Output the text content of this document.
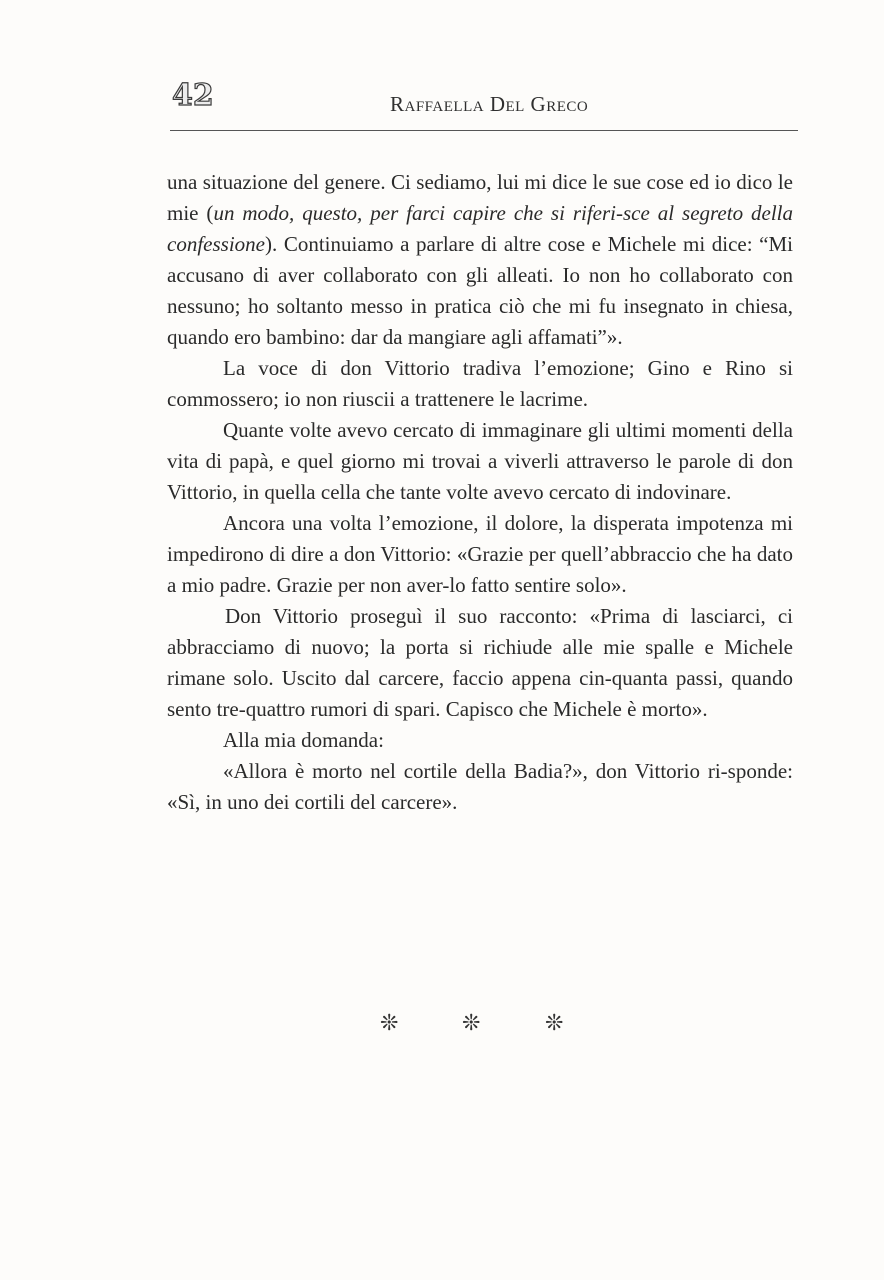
42	Raffaella Del Greco

una situazione del genere. Ci sediamo, lui mi dice le sue cose ed io dico le mie (un modo, questo, per farci capire che si riferi-sce al segreto della confessione). Continuiamo a parlare di altre cose e Michele mi dice: “Mi accusano di aver collaborato con gli alleati. Io non ho collaborato con nessuno; ho soltanto messo in pratica ciò che mi fu insegnato in chiesa, quando ero bambino: dar da mangiare agli affamati”».

La voce di don Vittorio tradiva l’emozione; Gino e Rino si commossero; io non riuscii a trattenere le lacrime.

Quante volte avevo cercato di immaginare gli ultimi momenti della vita di papà, e quel giorno mi trovai a viverli attraverso le parole di don Vittorio, in quella cella che tante volte avevo cercato di indovinare.

Ancora una volta l’emozione, il dolore, la disperata impotenza mi impedirono di dire a don Vittorio: «Grazie per quell’abbraccio che ha dato a mio padre. Grazie per non aver-lo fatto sentire solo».

Don Vittorio proseguì il suo racconto: «Prima di lasciarci, ci abbracciamo di nuovo; la porta si richiude alle mie spalle e Michele rimane solo. Uscito dal carcere, faccio appena cin-quanta passi, quando sento tre-quattro rumori di spari. Capisco che Michele è morto».

Alla mia domanda:

«Allora è morto nel cortile della Badia?», don Vittorio ri-sponde: «Sì, in uno dei cortili del carcere».

❊	❊	❊
